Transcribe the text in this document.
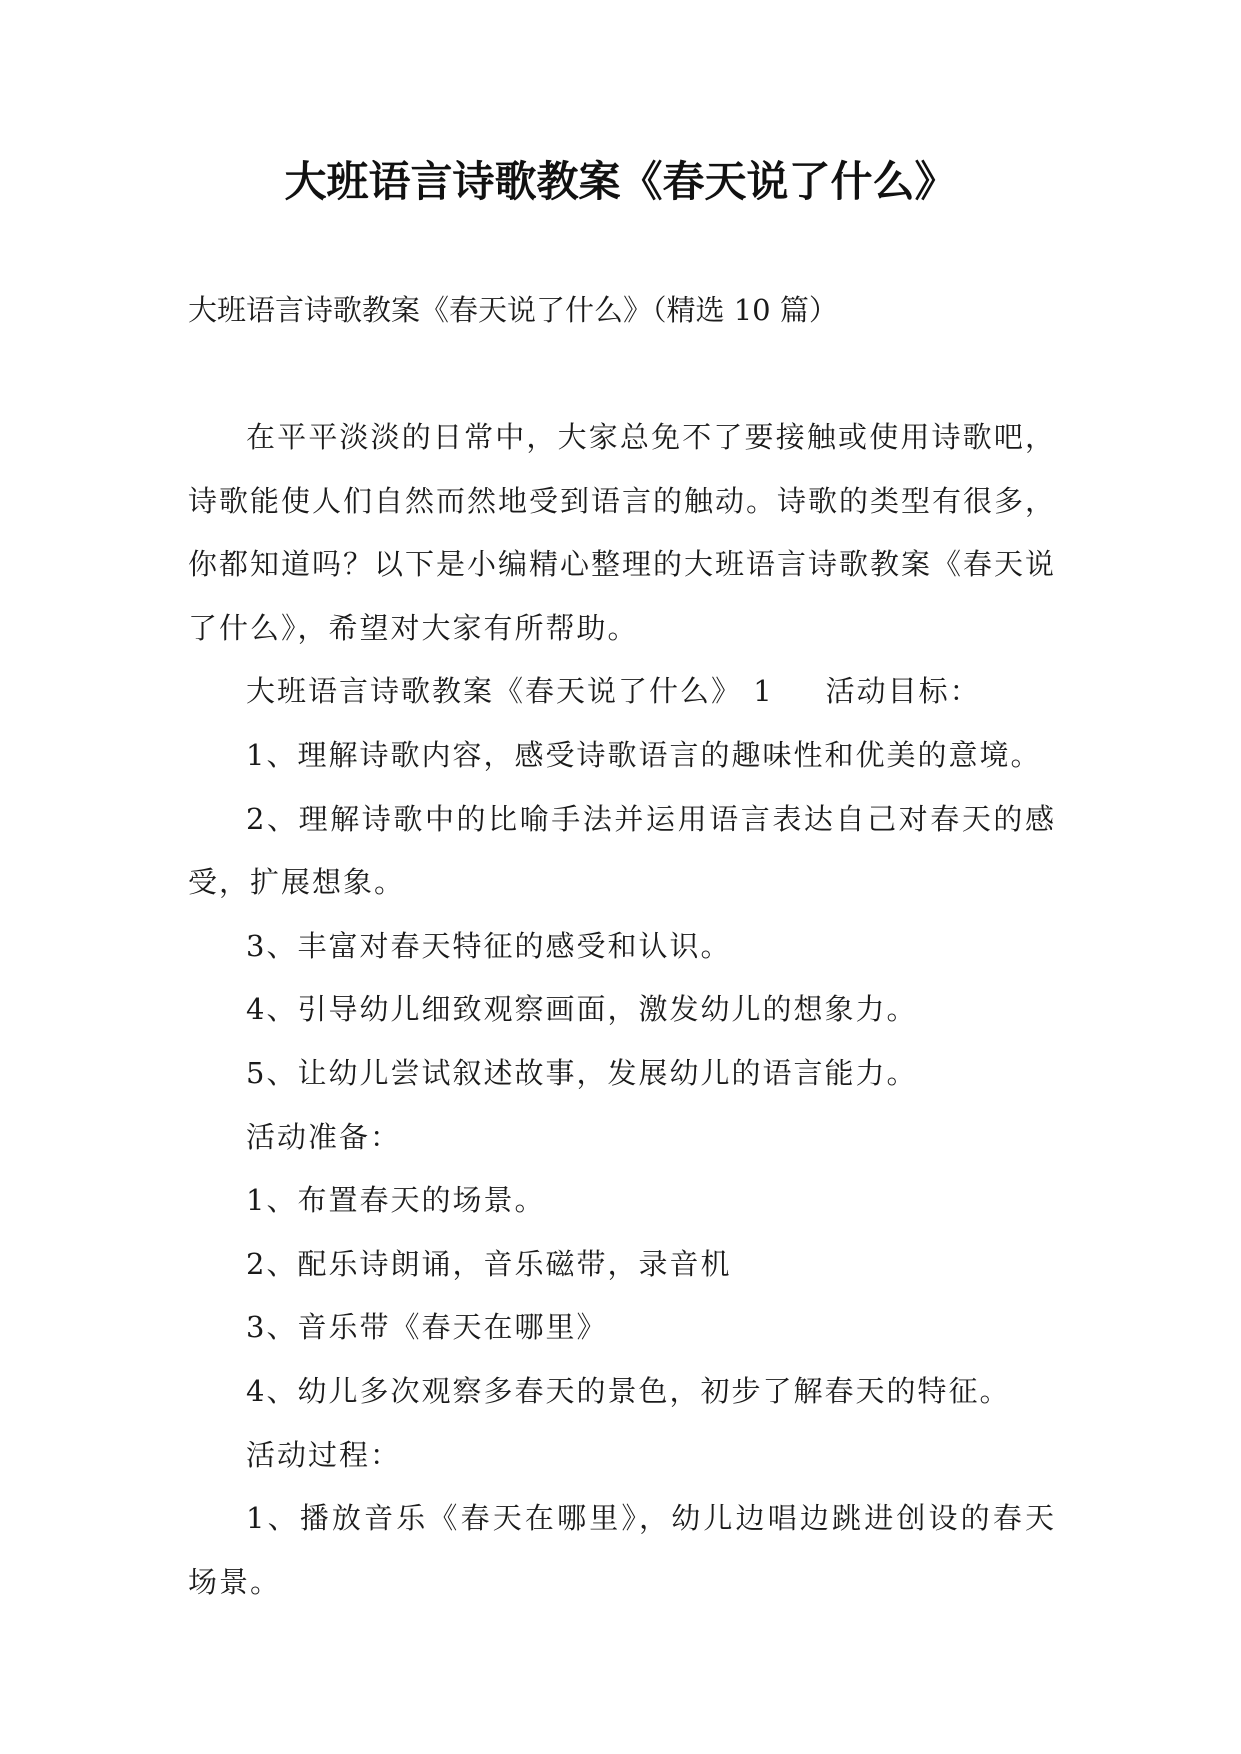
大班语言诗歌教案《春天说了什么》
大班语言诗歌教案《春天说了什么》（精选 10 篇）

在平平淡淡的日常中，大家总免不了要接触或使用诗歌吧，诗歌能使人们自然而然地受到语言的触动。诗歌的类型有很多，你都知道吗？以下是小编精心整理的大班语言诗歌教案《春天说了什么》，希望对大家有所帮助。

大班语言诗歌教案《春天说了什么》 1 活动目标：

1、理解诗歌内容，感受诗歌语言的趣味性和优美的意境。

2、理解诗歌中的比喻手法并运用语言表达自己对春天的感受，扩展想象。

3、丰富对春天特征的感受和认识。

4、引导幼儿细致观察画面，激发幼儿的想象力。

5、让幼儿尝试叙述故事，发展幼儿的语言能力。

活动准备：

1、布置春天的场景。

2、配乐诗朗诵，音乐磁带，录音机

3、音乐带《春天在哪里》

4、幼儿多次观察多春天的景色，初步了解春天的特征。

活动过程：

1、播放音乐《春天在哪里》，幼儿边唱边跳进创设的春天场景。
